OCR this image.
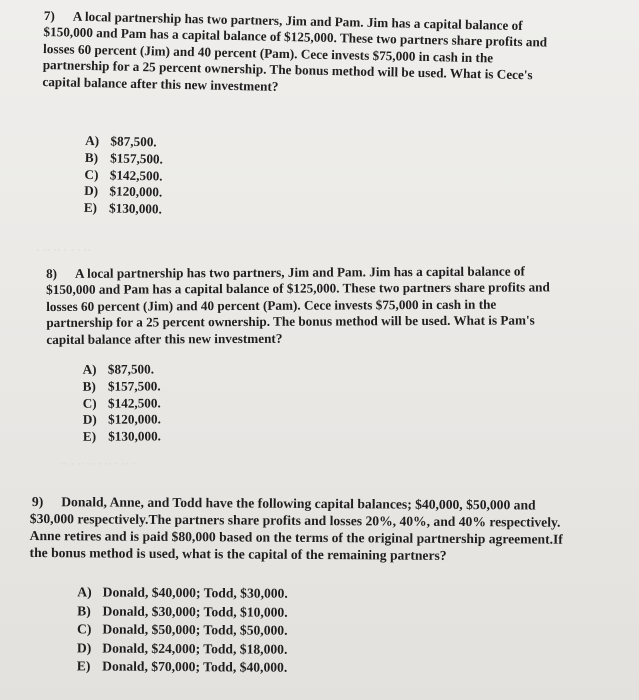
· ·· ·· · · · ··
·· · ·· ·· · ·· · ·· ·
7) A local partnership has two partners, Jim and Pam. Jim has a capital balance of $150,000 and Pam has a capital balance of $125,000. These two partners share profits and losses 60 percent (Jim) and 40 percent (Pam). Cece invests $75,000 in cash in the partnership for a 25 percent ownership. The bonus method will be used. What is Cece's capital balance after this new investment?
A) $87,500.
B) $157,500.
C) $142,500.
D) $120,000.
E) $130,000.
8) A local partnership has two partners, Jim and Pam. Jim has a capital balance of $150,000 and Pam has a capital balance of $125,000. These two partners share profits and losses 60 percent (Jim) and 40 percent (Pam). Cece invests $75,000 in cash in the partnership for a 25 percent ownership. The bonus method will be used. What is Pam's capital balance after this new investment?
A) $87,500.
B) $157,500.
C) $142,500.
D) $120,000.
E) $130,000.
9) Donald, Anne, and Todd have the following capital balances; $40,000, $50,000 and $30,000 respectively.The partners share profits and losses 20%, 40%, and 40% respectively. Anne retires and is paid $80,000 based on the terms of the original partnership agreement.If the bonus method is used, what is the capital of the remaining partners?
A) Donald, $40,000; Todd, $30,000.
B) Donald, $30,000; Todd, $10,000.
C) Donald, $50,000; Todd, $50,000.
D) Donald, $24,000; Todd, $18,000.
E) Donald, $70,000; Todd, $40,000.
